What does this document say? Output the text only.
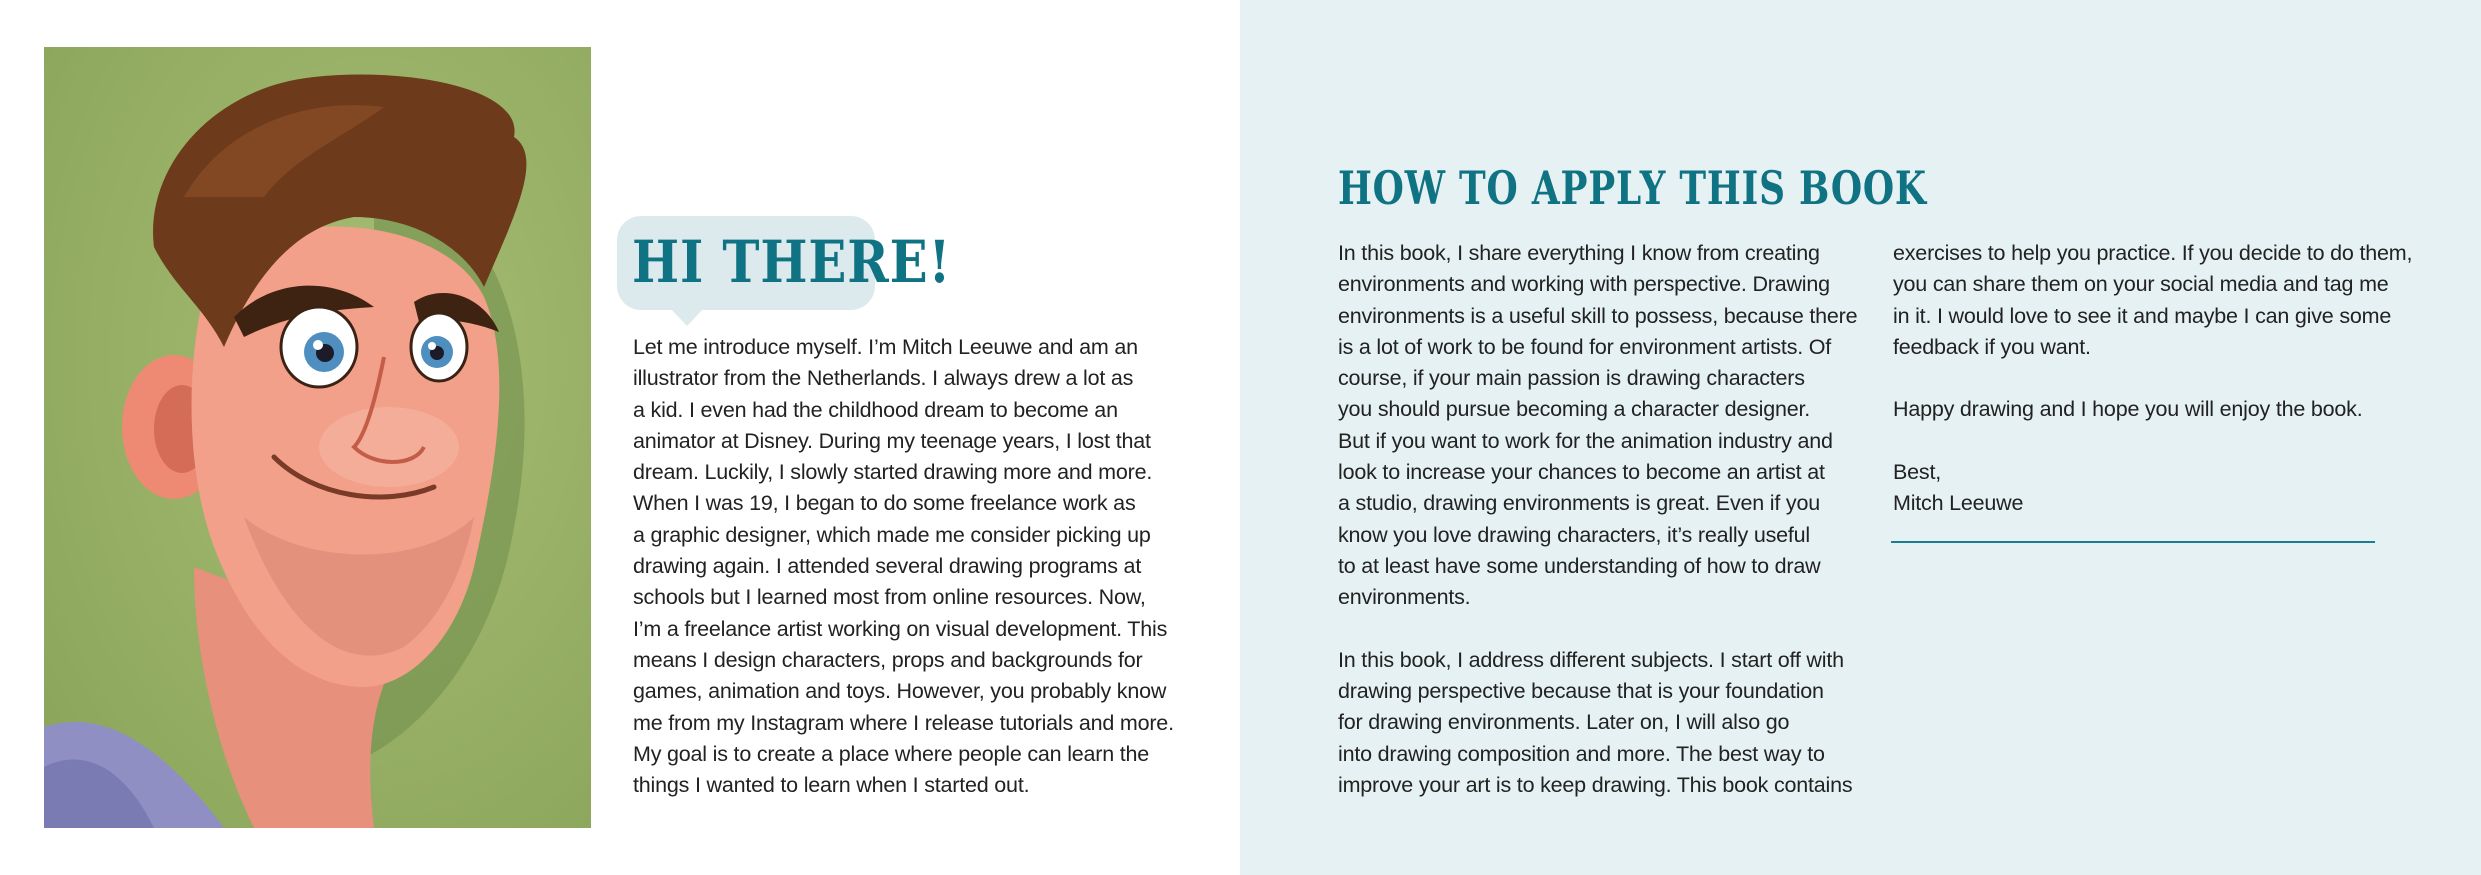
HI THERE!
Let me introduce myself. I’m Mitch Leeuwe and am an
illustrator from the Netherlands. I always drew a lot as
a kid. I even had the childhood dream to become an
animator at Disney. During my teenage years, I lost that
dream. Luckily, I slowly started drawing more and more.
When I was 19, I began to do some freelance work as
a graphic designer, which made me consider picking up
drawing again. I attended several drawing programs at
schools but I learned most from online resources. Now,
I’m a freelance artist working on visual development. This
means I design characters, props and backgrounds for
games, animation and toys. However, you probably know
me from my Instagram where I release tutorials and more.
My goal is to create a place where people can learn the
things I wanted to learn when I started out.
HOW TO APPLY THIS BOOK
In this book, I share everything I know from creating
environments and working with perspective. Drawing
environments is a useful skill to possess, because there
is a lot of work to be found for environment artists. Of
course, if your main passion is drawing characters
you should pursue becoming a character designer.
But if you want to work for the animation industry and
look to increase your chances to become an artist at
a studio, drawing environments is great. Even if you
know you love drawing characters, it’s really useful
to at least have some understanding of how to draw
environments.
In this book, I address different subjects. I start off with
drawing perspective because that is your foundation
for drawing environments. Later on, I will also go
into drawing composition and more. The best way to
improve your art is to keep drawing. This book contains
exercises to help you practice. If you decide to do them,
you can share them on your social media and tag me
in it. I would love to see it and maybe I can give some
feedback if you want.
Happy drawing and I hope you will enjoy the book.
Best,
Mitch Leeuwe
